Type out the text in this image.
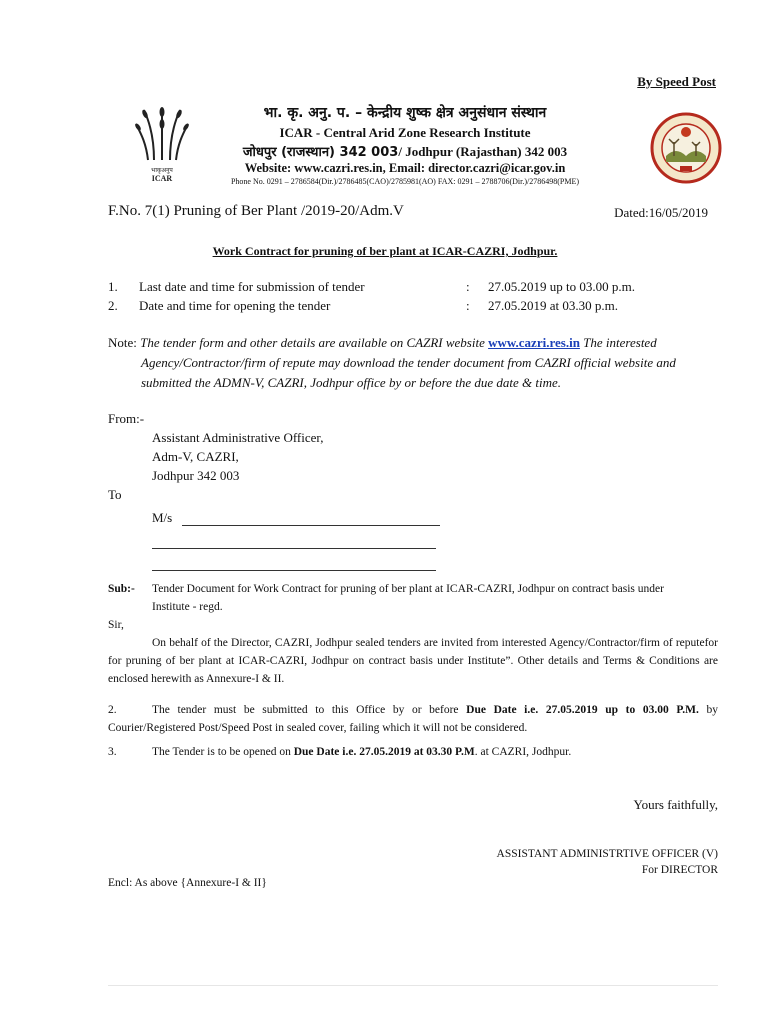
By Speed Post
भाकृअनुप
ICAR
भा. कृ. अनु. प. – केन्द्रीय शुष्क क्षेत्र अनुसंधान संस्थान
ICAR - Central Arid Zone Research Institute
जोधपुर (राजस्थान) 342 003/ Jodhpur (Rajasthan) 342 003
Website: www.cazri.res.in, Email: director.cazri@icar.gov.in
Phone No. 0291 – 2786584(Dir.)/2786485(CAO)/2785981(AO) FAX: 0291 – 2788706(Dir.)/2786498(PME)
F.No. 7(1) Pruning of Ber Plant /2019-20/Adm.V	Dated:16/05/2019
Work Contract for pruning of ber plant at ICAR-CAZRI, Jodhpur.
1. Last date and time for submission of tender	: 27.05.2019 up to 03.00 p.m.
2. Date and time for opening the tender	: 27.05.2019 at 03.30 p.m.
Note: The tender form and other details are available on CAZRI website www.cazri.res.in The interested
Agency/Contractor/firm of repute may download the tender document from CAZRI official website and
submitted the ADMN-V, CAZRI, Jodhpur office by or before the due date & time.
From:-
Assistant Administrative Officer,
Adm-V, CAZRI,
Jodhpur 342 003
To
M/s
Sub:- Tender Document for Work Contract for pruning of ber plant at ICAR-CAZRI, Jodhpur on contract basis under
Institute - regd.
Sir,
On behalf of the Director, CAZRI, Jodhpur sealed tenders are invited from interested Agency/Contractor/firm of reputefor for pruning of ber plant at ICAR-CAZRI, Jodhpur on contract basis under Institute”. Other details and Terms & Conditions are enclosed herewith as Annexure-I & II.
2.	The tender must be submitted to this Office by or before Due Date i.e. 27.05.2019 up to 03.00 P.M. by Courier/Registered Post/Speed Post in sealed cover, failing which it will not be considered.
3.	The Tender is to be opened on Due Date i.e. 27.05.2019 at 03.30 P.M. at CAZRI, Jodhpur.
Yours faithfully,
ASSISTANT ADMINISTRTIVE OFFICER (V)
For DIRECTOR
Encl: As above {Annexure-I & II}
